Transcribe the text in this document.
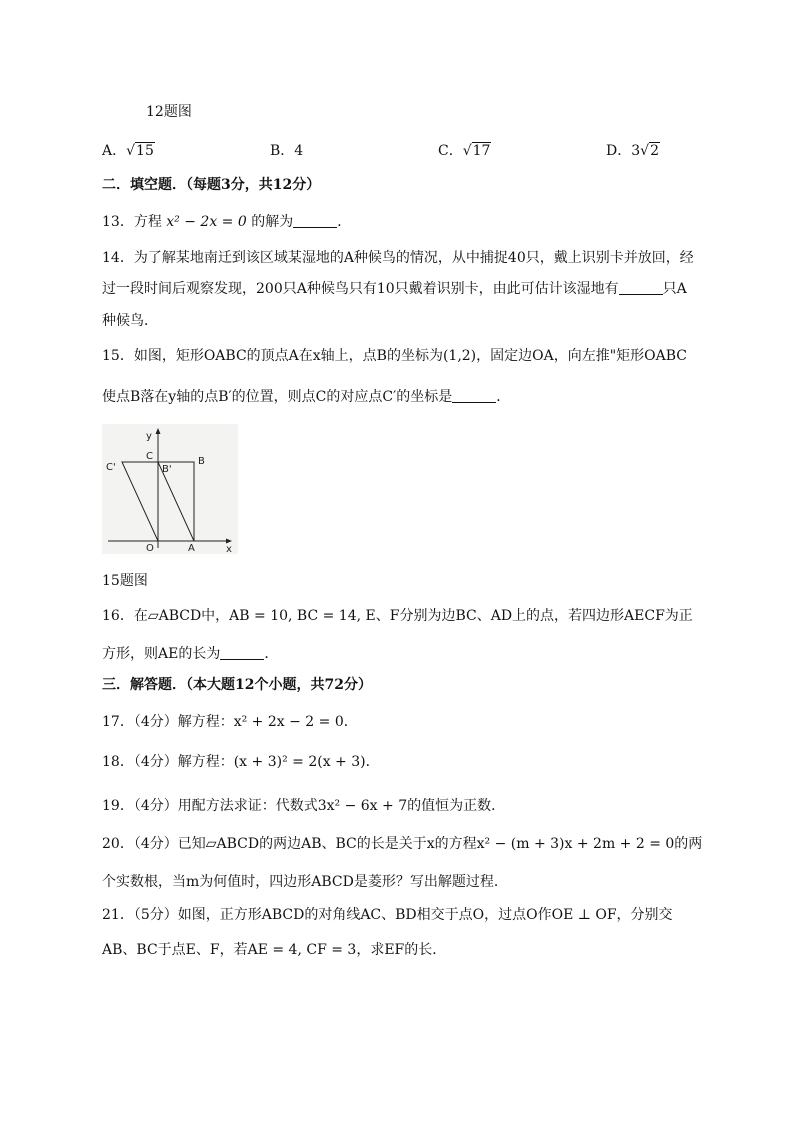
12题图
A．√15	B．4	C．√17	D．3√2
二．填空题．（每题3分，共12分）
13．方程 x² − 2x = 0 的解为	．
14．为了解某地南迁到该区域某湿地的A种候鸟的情况，从中捕捉40只，戴上识别卡并放回，经
过一段时间后观察发现，200只A种候鸟只有10只戴着识别卡，由此可估计该湿地有	只A
种候鸟．
15．如图，矩形OABC的顶点A在x轴上，点B的坐标为(1,2)，固定边OA，向左推"矩形OABC
使点B落在y轴的点B′的位置，则点C的对应点C′的坐标是	．
y
x
O	A
B
C
B'
C'
15题图
16．在▱ABCD中，AB = 10, BC = 14, E、F分别为边BC、AD上的点，若四边形AECF为正
方形，则AE的长为	．
三．解答题．（本大题12个小题，共72分）
17．（4分）解方程：x² + 2x − 2 = 0．
18．（4分）解方程：(x + 3)² = 2(x + 3)．
19．（4分）用配方法求证：代数式3x² − 6x + 7的值恒为正数．
20．（4分）已知▱ABCD的两边AB、BC的长是关于x的方程x² − (m + 3)x + 2m + 2 = 0的两
个实数根，当m为何值时，四边形ABCD是菱形？写出解题过程．
21．（5分）如图，正方形ABCD的对角线AC、BD相交于点O，过点O作OE ⊥ OF，分别交
AB、BC于点E、F，若AE = 4, CF = 3，求EF的长．
